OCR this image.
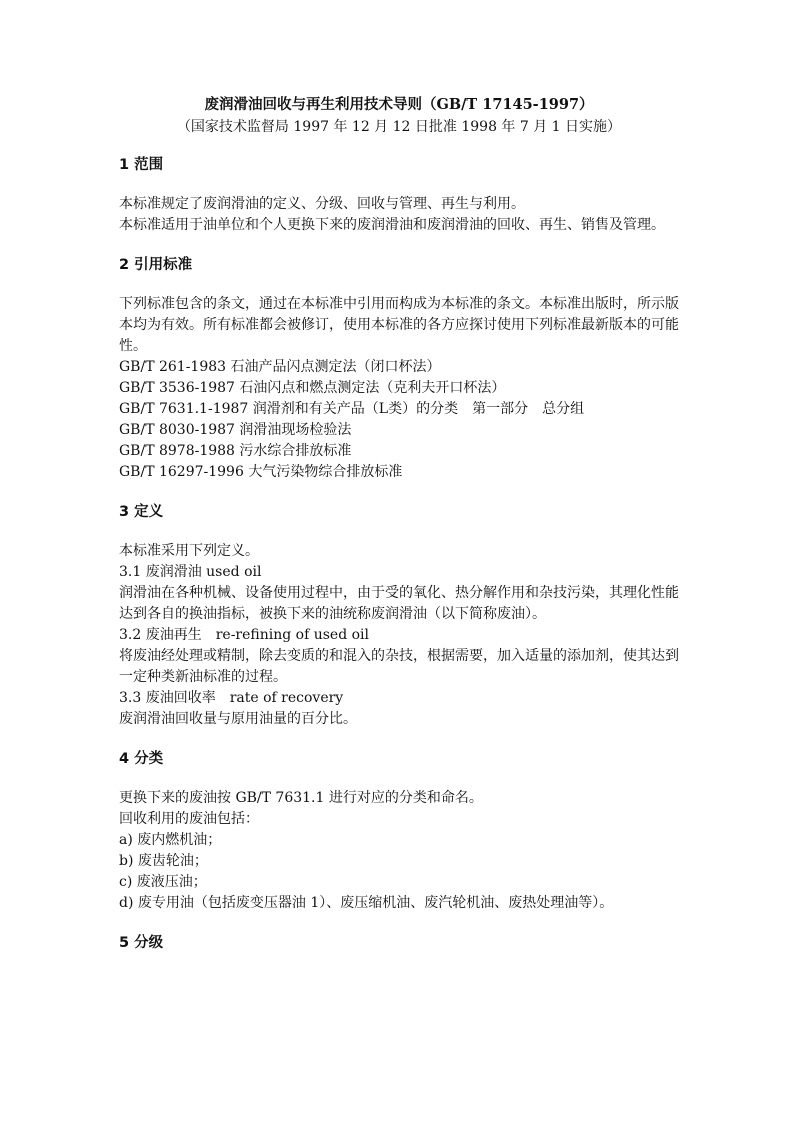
废润滑油回收与再生利用技术导则（GB/T 17145-1997）
（国家技术监督局 1997 年 12 月 12 日批准 1998 年 7 月 1 日实施）
1 范围

本标准规定了废润滑油的定义、分级、回收与管理、再生与利用。

本标准适用于油单位和个人更换下来的废润滑油和废润滑油的回收、再生、销售及管理。

2 引用标准

下列标准包含的条文，通过在本标准中引用而构成为本标准的条文。本标准出版时，所示版本均为有效。所有标准都会被修订，使用本标准的各方应探讨使用下列标准最新版本的可能性。

GB/T 261-1983 石油产品闪点测定法（闭口杯法）

GB/T 3536-1987 石油闪点和燃点测定法（克利夫开口杯法）

GB/T 7631.1-1987 润滑剂和有关产品（L类）的分类　第一部分　总分组

GB/T 8030-1987 润滑油现场检验法

GB/T 8978-1988 污水综合排放标准

GB/T 16297-1996 大气污染物综合排放标准

3 定义

本标准采用下列定义。

3.1 废润滑油 used oil

润滑油在各种机械、设备使用过程中，由于受的氧化、热分解作用和杂技污染，其理化性能达到各自的换油指标，被换下来的油统称废润滑油（以下简称废油）。

3.2 废油再生　re-refining of used oil

将废油经处理或精制，除去变质的和混入的杂技，根据需要，加入适量的添加剂，使其达到一定种类新油标准的过程。

3.3 废油回收率　rate of recovery

废润滑油回收量与原用油量的百分比。

4 分类

更换下来的废油按 GB/T 7631.1 进行对应的分类和命名。

回收利用的废油包括：

a) 废内燃机油；

b) 废齿轮油；

c) 废液压油；

d) 废专用油（包括废变压器油 1）、废压缩机油、废汽轮机油、废热处理油等）。

5 分级
